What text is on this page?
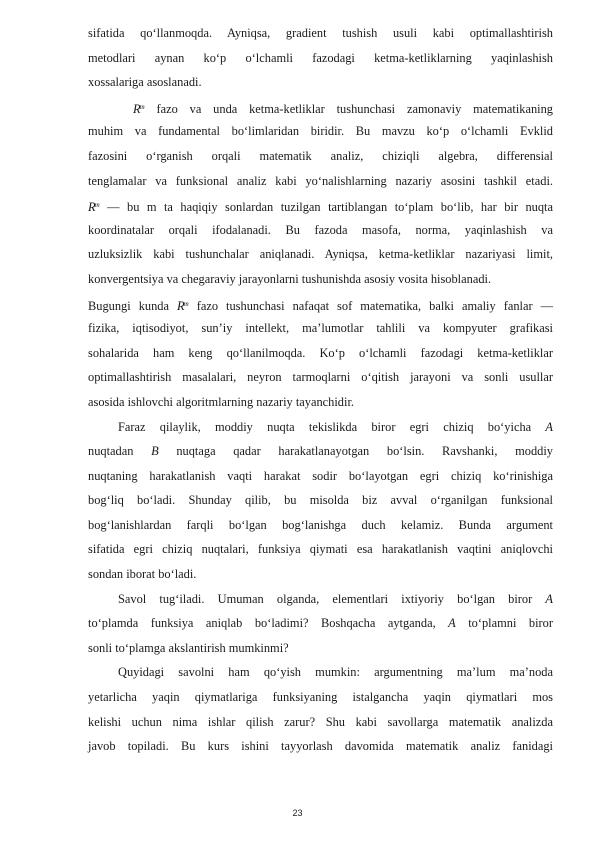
sifatida qo‘llanmoqda. Ayniqsa, gradient tushish usuli kabi optimallashtirish
metodlari aynan ko‘p o‘lchamli fazodagi ketma-ketliklarning yaqinlashish
xossalariga asoslanadi.
$R^m$ fazo va unda ketma-ketliklar tushunchasi zamonaviy matematikaning
muhim va fundamental bo‘limlaridan biridir. Bu mavzu ko‘p o‘lchamli Evklid
fazosini o‘rganish orqali matematik analiz, chiziqli algebra, differensial
tenglamalar va funksional analiz kabi yo‘nalishlarning nazariy asosini tashkil etadi.
$R^m$ — bu m ta haqiqiy sonlardan tuzilgan tartiblangan to‘plam bo‘lib, har bir nuqta
koordinatalar orqali ifodalanadi. Bu fazoda masofa, norma, yaqinlashish va
uzluksizlik kabi tushunchalar aniqlanadi. Ayniqsa, ketma-ketliklar nazariyasi limit,
konvergentsiya va chegaraviy jarayonlarni tushunishda asosiy vosita hisoblanadi.
Bugungi kunda $R^m$ fazo tushunchasi nafaqat sof matematika, balki amaliy fanlar —
fizika, iqtisodiyot, sun’iy intellekt, ma’lumotlar tahlili va kompyuter grafikasi
sohalarida ham keng qo‘llanilmoqda. Ko‘p o‘lchamli fazodagi ketma-ketliklar
optimallashtirish masalalari, neyron tarmoqlarni o‘qitish jarayoni va sonli usullar
asosida ishlovchi algoritmlarning nazariy tayanchidir.
Faraz qilaylik, moddiy nuqta tekislikda biror egri chiziq bo‘yicha A
nuqtadan B nuqtaga qadar harakatlanayotgan bo‘lsin. Ravshanki, moddiy
nuqtaning harakatlanish vaqti harakat sodir bo‘layotgan egri chiziq ko‘rinishiga
bog‘liq bo‘ladi. Shunday qilib, bu misolda biz avval o‘rganilgan funksional
bog‘lanishlardan farqli bo‘lgan bog‘lanishga duch kelamiz. Bunda argument
sifatida egri chiziq nuqtalari, funksiya qiymati esa harakatlanish vaqtini aniqlovchi
sondan iborat bo‘ladi.
Savol tug‘iladi. Umuman olganda, elementlari ixtiyoriy bo‘lgan biror A
to‘plamda funksiya aniqlab bo‘ladimi? Boshqacha aytganda, A to‘plamni biror
sonli to‘plamga akslantirish mumkinmi?
Quyidagi savolni ham qo‘yish mumkin: argumentning ma’lum ma’noda
yetarlicha yaqin qiymatlariga funksiyaning istalgancha yaqin qiymatlari mos
kelishi uchun nima ishlar qilish zarur? Shu kabi savollarga matematik analizda
javob topiladi. Bu kurs ishini tayyorlash davomida matematik analiz fanidagi
23
